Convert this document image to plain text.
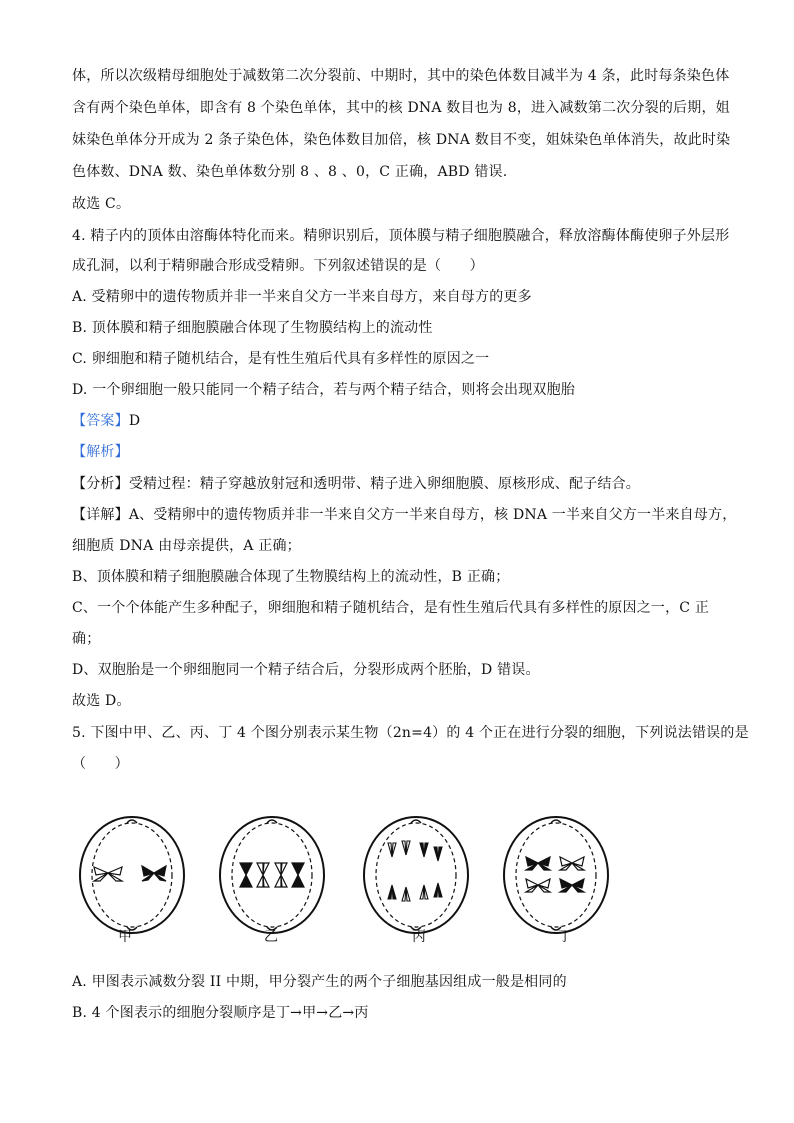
体，所以次级精母细胞处于减数第二次分裂前、中期时，其中的染色体数目减半为 4 条，此时每条染色体
含有两个染色单体，即含有 8 个染色单体，其中的核 DNA 数目也为 8，进入减数第二次分裂的后期，姐
妹染色单体分开成为 2 条子染色体，染色体数目加倍，核 DNA 数目不变，姐妹染色单体消失，故此时染
色体数、DNA 数、染色单体数分别 8 、8 、0，C 正确，ABD 错误.
故选 C。
4. 精子内的顶体由溶酶体特化而来。精卵识别后，顶体膜与精子细胞膜融合，释放溶酶体酶使卵子外层形
成孔洞，以利于精卵融合形成受精卵。下列叙述错误的是（　　）
A. 受精卵中的遗传物质并非一半来自父方一半来自母方，来自母方的更多
B. 顶体膜和精子细胞膜融合体现了生物膜结构上的流动性
C. 卵细胞和精子随机结合，是有性生殖后代具有多样性的原因之一
D. 一个卵细胞一般只能同一个精子结合，若与两个精子结合，则将会出现双胞胎
【答案】D
【解析】
【分析】受精过程：精子穿越放射冠和透明带、精子进入卵细胞膜、原核形成、配子结合。
【详解】A、受精卵中的遗传物质并非一半来自父方一半来自母方，核 DNA 一半来自父方一半来自母方，
细胞质 DNA 由母亲提供，A 正确；
B、顶体膜和精子细胞膜融合体现了生物膜结构上的流动性，B 正确；
C、一个个体能产生多种配子，卵细胞和精子随机结合，是有性生殖后代具有多样性的原因之一，C 正
确；
D、双胞胎是一个卵细胞同一个精子结合后，分裂形成两个胚胎，D 错误。
故选 D。
5. 下图中甲、乙、丙、丁 4 个图分别表示某生物（2n=4）的 4 个正在进行分裂的细胞，下列说法错误的是
（　　）
甲	乙	丙	丁
A. 甲图表示减数分裂 II 中期，甲分裂产生的两个子细胞基因组成一般是相同的
B. 4 个图表示的细胞分裂顺序是丁→甲→乙→丙
